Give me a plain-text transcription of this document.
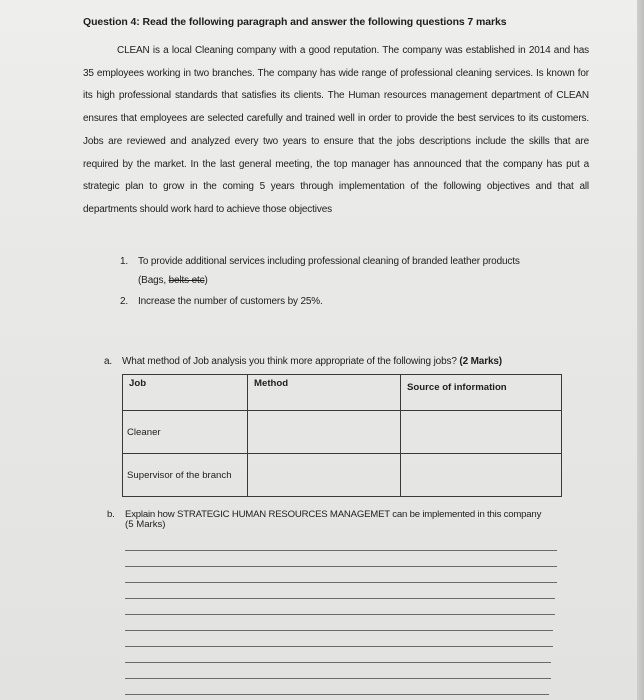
Question 4: Read the following paragraph and answer the following questions 7 marks

CLEAN is a local Cleaning company with a good reputation. The company was established in 2014 and has 35 employees working in two branches. The company has wide range of professional cleaning services. Is known for its high professional standards that satisfies its clients. The Human resources management department of CLEAN ensures that employees are selected carefully and trained well in order to provide the best services to its customers. Jobs are reviewed and analyzed every two years to ensure that the jobs descriptions include the skills that are required by the market. In the last general meeting, the top manager has announced that the company has put a strategic plan to grow in the coming 5 years through implementation of the following objectives and that all departments should work hard to achieve those objectives

1. To provide additional services including professional cleaning of branded leather products
(Bags, belts etc)
2. Increase the number of customers by 25%.
a. What method of Job analysis you think more appropriate of the following jobs? (2 Marks)
Job	Method	Source of information
Cleaner		
Supervisor of the branch		
b. Explain how STRATEGIC HUMAN RESOURCES MANAGEMET can be implemented in this company
(5 Marks)
